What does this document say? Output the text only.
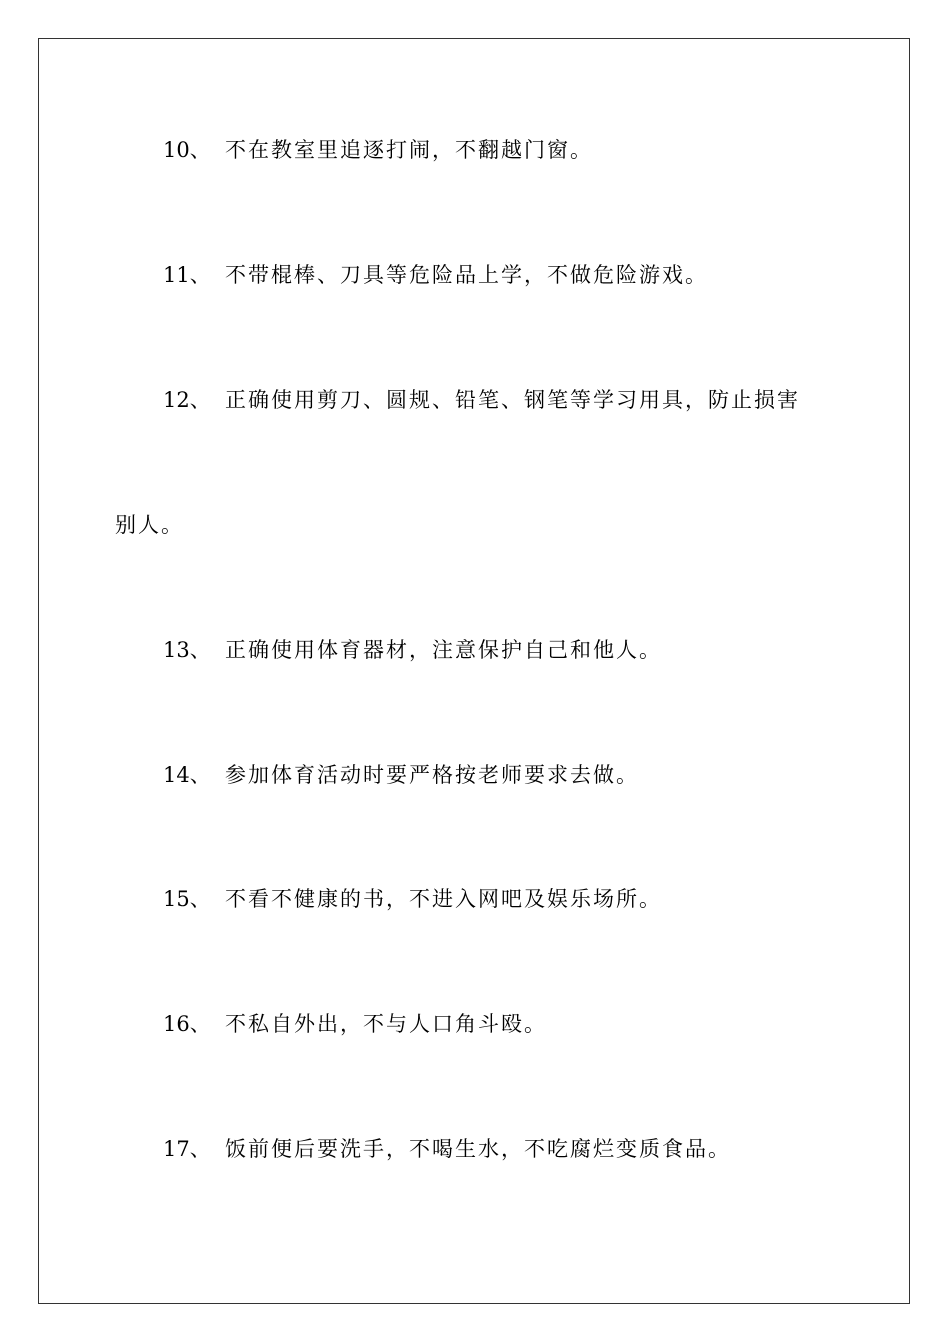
10、 不在教室里追逐打闹，不翻越门窗。
11、 不带棍棒、刀具等危险品上学，不做危险游戏。
12、 正确使用剪刀、圆规、铅笔、钢笔等学习用具，防止损害
别人。
13、 正确使用体育器材，注意保护自己和他人。
14、 参加体育活动时要严格按老师要求去做。
15、 不看不健康的书，不进入网吧及娱乐场所。
16、 不私自外出，不与人口角斗殴。
17、 饭前便后要洗手，不喝生水，不吃腐烂变质食品。
